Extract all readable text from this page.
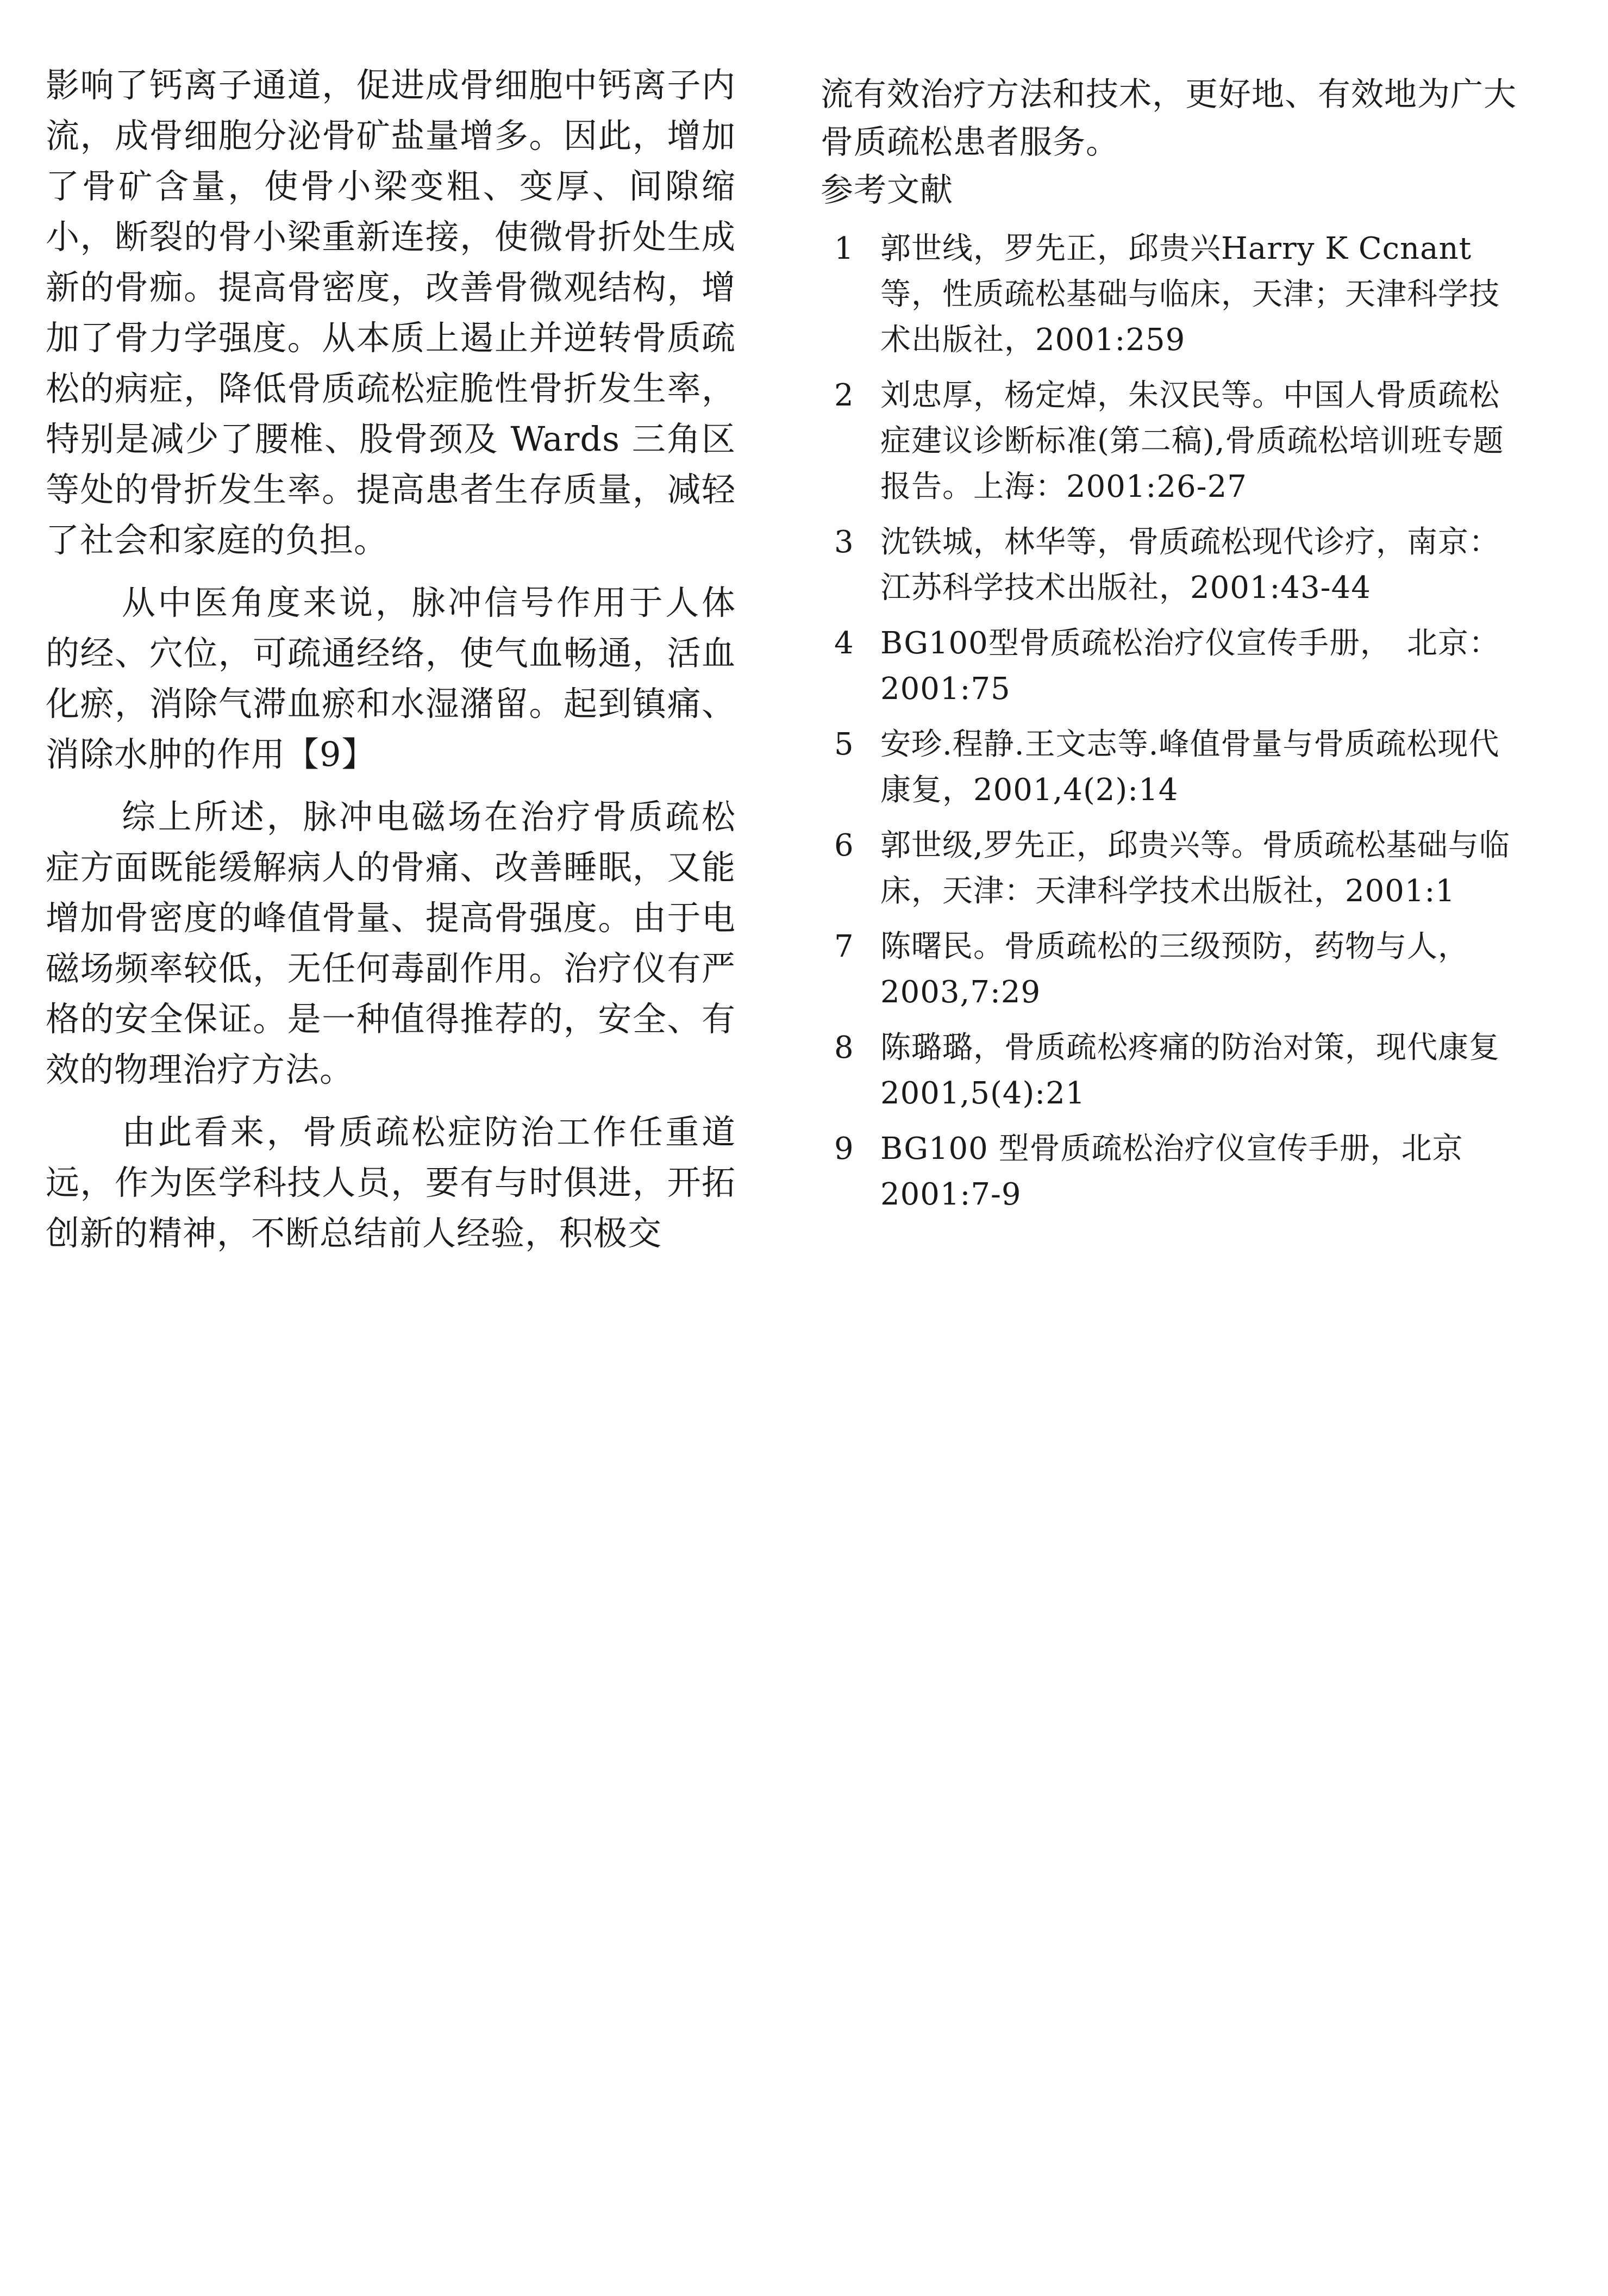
影响了钙离子通道，促进成骨细胞中钙离子内流，成骨细胞分泌骨矿盐量增多。因此，增加了骨矿含量，使骨小梁变粗、变厚、间隙缩小，断裂的骨小梁重新连接，使微骨折处生成新的骨痂。提高骨密度，改善骨微观结构，增加了骨力学强度。从本质上遏止并逆转骨质疏松的病症，降低骨质疏松症脆性骨折发生率，特别是减少了腰椎、股骨颈及 Wards 三角区等处的骨折发生率。提高患者生存质量，减轻了社会和家庭的负担。

从中医角度来说，脉冲信号作用于人体的经、穴位，可疏通经络，使气血畅通，活血化瘀，消除气滞血瘀和水湿潴留。起到镇痛、消除水肿的作用【9】

综上所述，脉冲电磁场在治疗骨质疏松症方面既能缓解病人的骨痛、改善睡眠，又能增加骨密度的峰值骨量、提高骨强度。由于电磁场频率较低，无任何毒副作用。治疗仪有严格的安全保证。是一种值得推荐的，安全、有效的物理治疗方法。

由此看来，骨质疏松症防治工作任重道远，作为医学科技人员，要有与时俱进，开拓创新的精神，不断总结前人经验，积极交

流有效治疗方法和技术，更好地、有效地为广大骨质疏松患者服务。

参考文献

1 郭世线，罗先正，邱贵兴Harry K Ccnant 等，性质疏松基础与临床，天津；天津科学技术出版社，2001:259
2 刘忠厚，杨定焯，朱汉民等。中国人骨质疏松症建议诊断标准(第二稿),骨质疏松培训班专题报告。上海：2001:26-27
3 沈铁城，林华等，骨质疏松现代诊疗，南京：江苏科学技术出版社，2001:43-44
4 BG100型骨质疏松治疗仪宣传手册，　北京：2001:75
5 安珍.程静.王文志等.峰值骨量与骨质疏松现代康复，2001,4(2):14
6 郭世级,罗先正，邱贵兴等。骨质疏松基础与临床，天津：天津科学技术出版社，2001:1
7 陈曙民。骨质疏松的三级预防，药物与人，2003,7:29
8 陈璐璐，骨质疏松疼痛的防治对策，现代康复2001,5(4):21
9 BG100 型骨质疏松治疗仪宣传手册，北京2001:7-9
